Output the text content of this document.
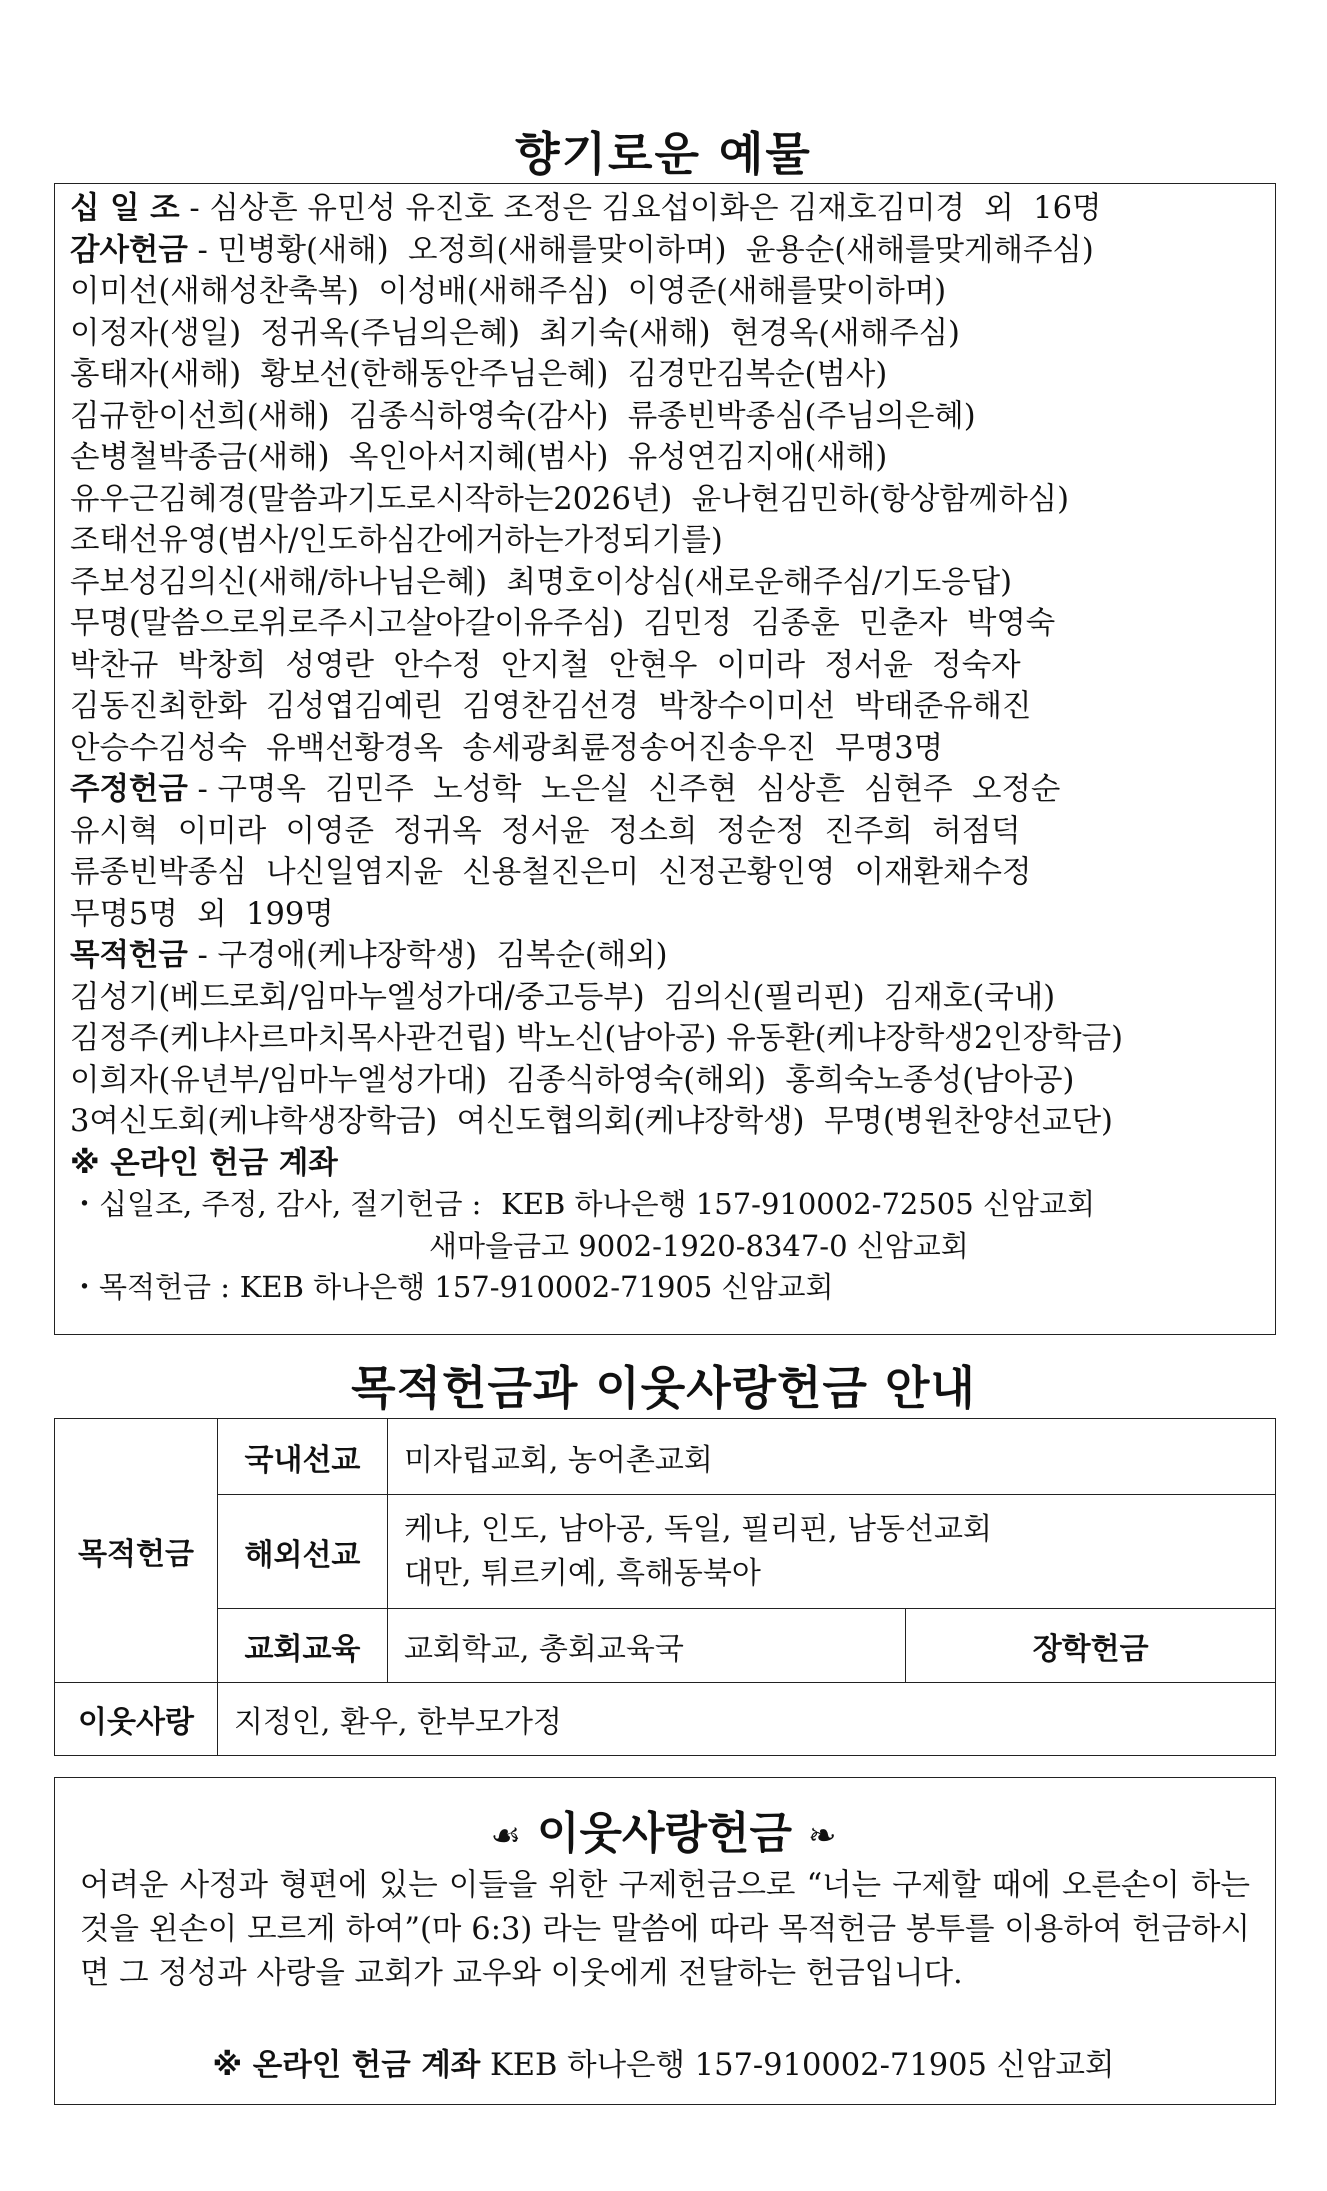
향기로운 예물
십 일 조 - 심상흔 유민성 유진호 조정은 김요섭이화은 김재호김미경  외  16명
감사헌금 - 민병황(새해)  오정희(새해를맞이하며)  윤용순(새해를맞게해주심)
이미선(새해성찬축복)  이성배(새해주심)  이영준(새해를맞이하며)
이정자(생일)  정귀옥(주님의은혜)  최기숙(새해)  현경옥(새해주심)
홍태자(새해)  황보선(한해동안주님은혜)  김경만김복순(범사)
김규한이선희(새해)  김종식하영숙(감사)  류종빈박종심(주님의은혜)
손병철박종금(새해)  옥인아서지혜(범사)  유성연김지애(새해)
유우근김혜경(말씀과기도로시작하는2026년)  윤나현김민하(항상함께하심)
조태선유영(범사/인도하심간에거하는가정되기를)
주보성김의신(새해/하나님은혜)  최명호이상심(새로운해주심/기도응답)
무명(말씀으로위로주시고살아갈이유주심)  김민정  김종훈  민춘자  박영숙
박찬규  박창희  성영란  안수정  안지철  안현우  이미라  정서윤  정숙자
김동진최한화  김성엽김예린  김영찬김선경  박창수이미선  박태준유해진
안승수김성숙  유백선황경옥  송세광최륜정송어진송우진  무명3명
주정헌금 - 구명옥  김민주  노성학  노은실  신주현  심상흔  심현주  오정순
유시혁  이미라  이영준  정귀옥  정서윤  정소희  정순정  진주희  허점덕
류종빈박종심  나신일염지윤  신용철진은미  신정곤황인영  이재환채수정
무명5명  외  199명
목적헌금 - 구경애(케냐장학생)  김복순(해외)
김성기(베드로회/임마누엘성가대/중고등부)  김의신(필리핀)  김재호(국내)
김정주(케냐사르마치목사관건립) 박노신(남아공) 유동환(케냐장학생2인장학금)
이희자(유년부/임마누엘성가대)  김종식하영숙(해외)  홍희숙노종성(남아공)
3여신도회(케냐학생장학금)  여신도협의회(케냐장학생)  무명(병원찬양선교단)
※ 온라인 헌금 계좌
・십일조, 주정, 감사, 절기헌금 : KEB 하나은행 157-910002-72505 신암교회
새마을금고 9002-1920-8347-0 신암교회
・목적헌금 : KEB 하나은행 157-910002-71905 신암교회
목적헌금과 이웃사랑헌금 안내
목적헌금	국내선교	미자립교회, 농어촌교회	
	해외선교	케냐, 인도, 남아공, 독일, 필리핀, 남동선교회
대만, 튀르키예, 흑해동북아	

	교회교육	교회학교, 총회교육국	장학헌금
이웃사랑	지정인, 환우, 한부모가정		
☙ 이웃사랑헌금 ❧
어려운 사정과 형편에 있는 이들을 위한 구제헌금으로 “너는 구제할 때에 오른손이 하는 것을 왼손이 모르게 하여”(마 6:3) 라는 말씀에 따라 목적헌금 봉투를 이용하여 헌금하시면 그 정성과 사랑을 교회가 교우와 이웃에게 전달하는 헌금입니다.
※ 온라인 헌금 계좌 KEB 하나은행 157-910002-71905 신암교회
